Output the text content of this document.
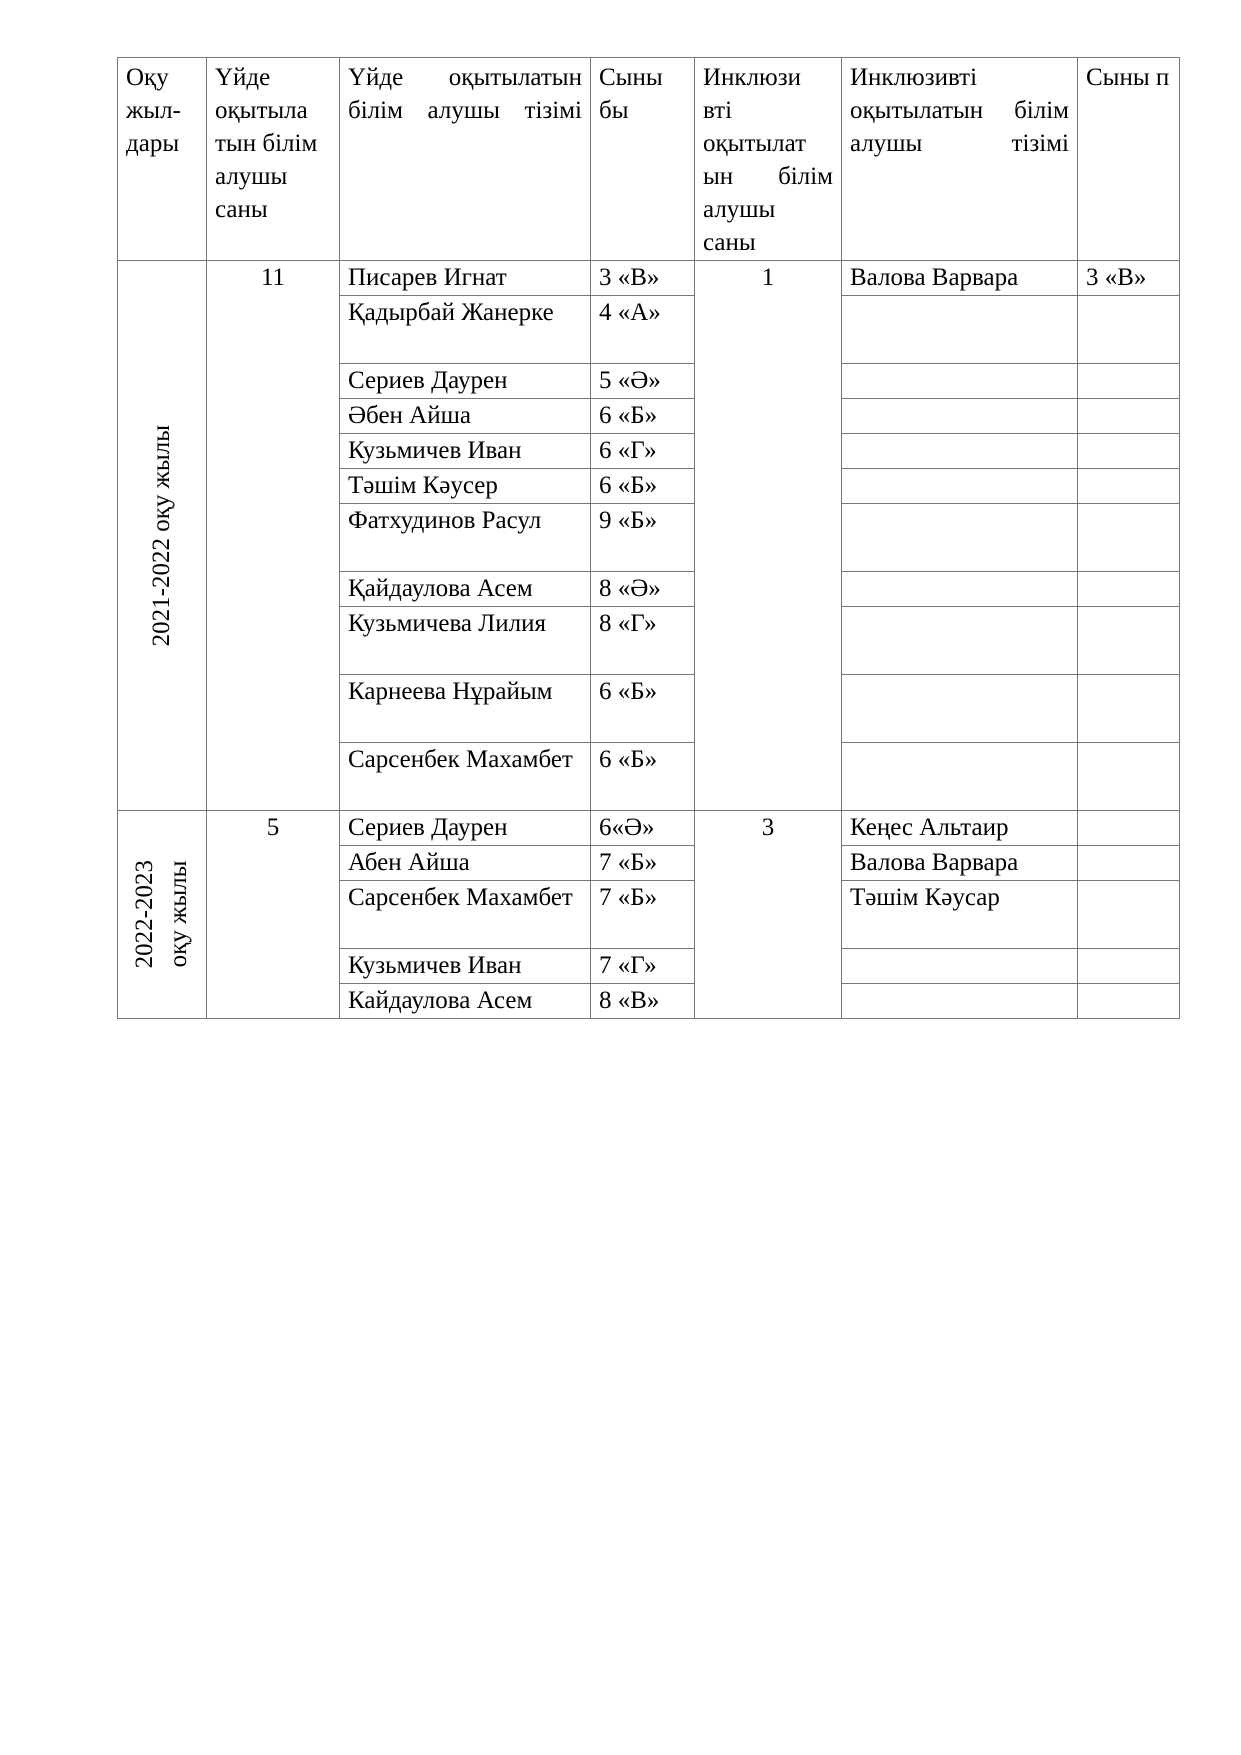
Оқу жыл-дары	Үйде оқытыла тын білім алушы саны	Үйде оқытылатын білім алушы тізімі	Сыны бы	Инклюзи вті оқытылат ын білім алушы саны	Инклюзивті оқытылатын білім алушы тізімі	Сыны п

2021-2022 оқу жылы	11	Писарев Игнат	3 «В»	1	Валова Варвара	3 «В»
		Қадырбай Жанерке	4 «А»			
		Сериев Даурен	5 «Ә»			
		Әбен Айша	6 «Б»			
		Кузьмичев Иван	6 «Г»			
		Тәшім Кәусер	6 «Б»			
		Фатхудинов Расул	9 «Б»			
		Қайдаулова Асем	8 «Ә»			
		Кузьмичева Лилия	8 «Г»			
		Карнеева Нұрайым	6 «Б»			
		Сарсенбек Махамбет	6 «Б»			

2022-2023 оқу жылы	5	Сериев Даурен	6«Ә»	3	Кеңес Альтаир	
		Абен Айша	7 «Б»		Валова Варвара	
		Сарсенбек Махамбет	7 «Б»		Тәшім Кәусар	
		Кузьмичев Иван	7 «Г»			
		Кайдаулова Асем	8 «В»			
